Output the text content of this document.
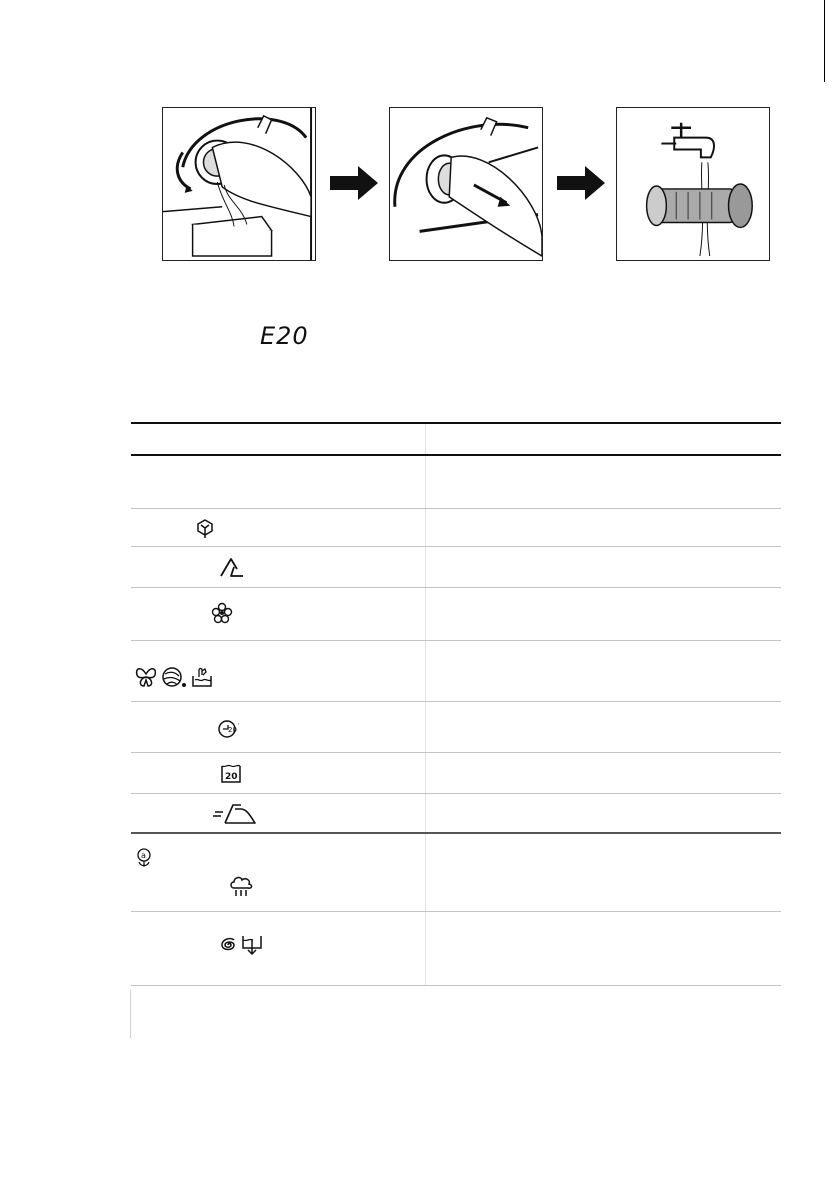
E20
20 '
20
a
